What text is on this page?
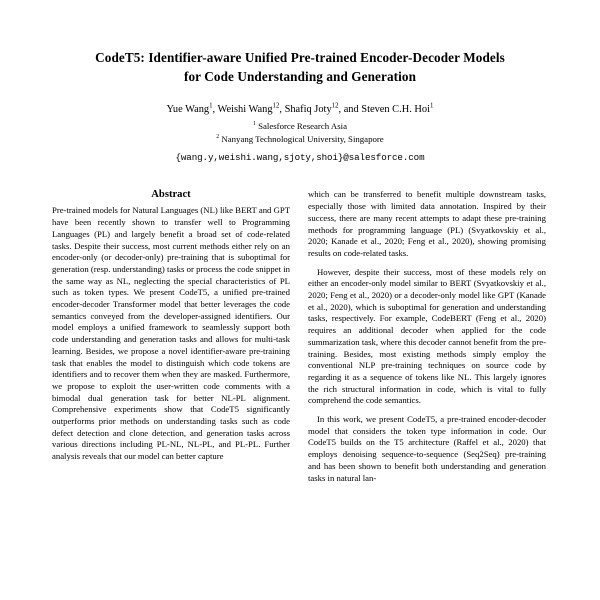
CodeT5: Identifier-aware Unified Pre-trained Encoder-Decoder Models
for Code Understanding and Generation
Yue Wang$^1$, Weishi Wang$^{12}$, Shafiq Joty$^{12}$, and Steven C.H. Hoi$^1$
$^1$ Salesforce Research Asia
$^2$ Nanyang Technological University, Singapore
{wang.y,weishi.wang,sjoty,shoi}@salesforce.com
Abstract

Pre-trained models for Natural Languages (NL) like BERT and GPT have been recently shown to transfer well to Programming Languages (PL) and largely benefit a broad set of code-related tasks. Despite their success, most current methods either rely on an encoder-only (or decoder-only) pre-training that is suboptimal for generation (resp. understanding) tasks or process the code snippet in the same way as NL, neglecting the special characteristics of PL such as token types. We present CodeT5, a unified pre-trained encoder-decoder Transformer model that better leverages the code semantics conveyed from the developer-assigned identifiers. Our model employs a unified framework to seamlessly support both code understanding and generation tasks and allows for multi-task learning. Besides, we propose a novel identifier-aware pre-training task that enables the model to distinguish which code tokens are identifiers and to recover them when they are masked. Furthermore, we propose to exploit the user-written code comments with a bimodal dual generation task for better NL-PL alignment. Comprehensive experiments show that CodeT5 significantly outperforms prior methods on understanding tasks such as code defect detection and clone detection, and generation tasks across various directions including PL-NL, NL-PL, and PL-PL. Further analysis reveals that our model can better capture

which can be transferred to benefit multiple downstream tasks, especially those with limited data annotation. Inspired by their success, there are many recent attempts to adapt these pre-training methods for programming language (PL) (Svyatkovskiy et al., 2020; Kanade et al., 2020; Feng et al., 2020), showing promising results on code-related tasks.

However, despite their success, most of these models rely on either an encoder-only model similar to BERT (Svyatkovskiy et al., 2020; Feng et al., 2020) or a decoder-only model like GPT (Kanade et al., 2020), which is suboptimal for generation and understanding tasks, respectively. For example, CodeBERT (Feng et al., 2020) requires an additional decoder when applied for the code summarization task, where this decoder cannot benefit from the pre-training. Besides, most existing methods simply employ the conventional NLP pre-training techniques on source code by regarding it as a sequence of tokens like NL. This largely ignores the rich structural information in code, which is vital to fully comprehend the code semantics.

In this work, we present CodeT5, a pre-trained encoder-decoder model that considers the token type information in code. Our CodeT5 builds on the T5 architecture (Raffel et al., 2020) that employs denoising sequence-to-sequence (Seq2Seq) pre-training and has been shown to benefit both understanding and generation tasks in natural lan-
